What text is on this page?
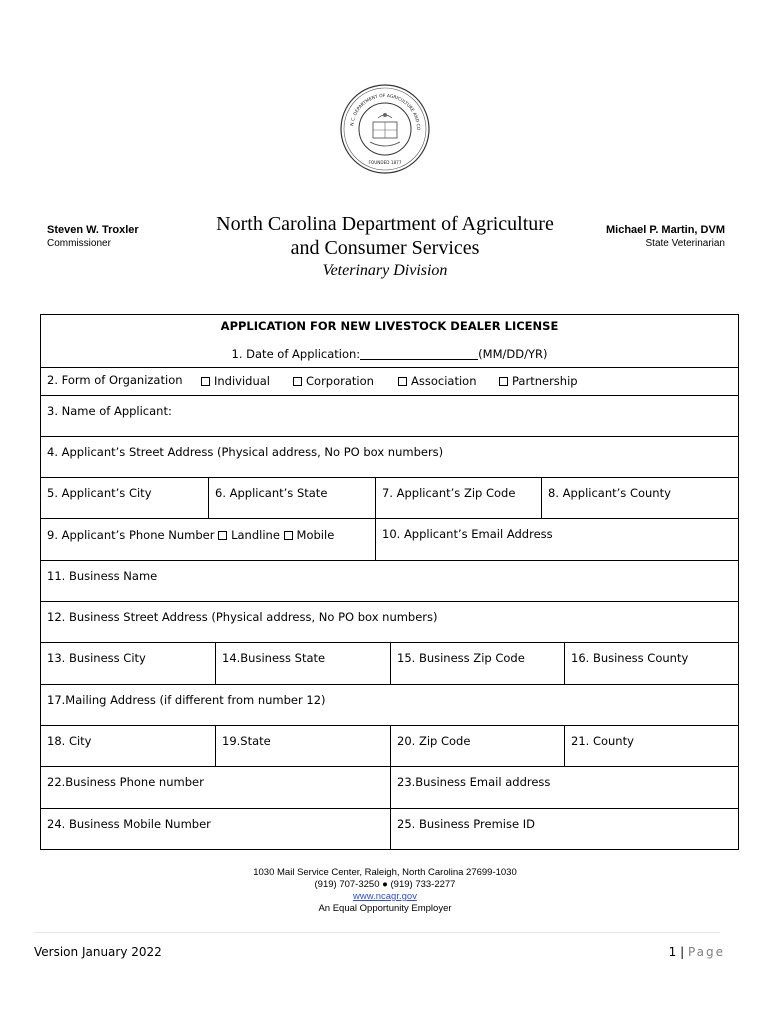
N.C. DEPARTMENT OF AGRICULTURE AND CO
FOUNDED 1877
Steven W. Troxler
Commissioner
North Carolina Department of Agriculture
and Consumer Services
Veterinary Division
Michael P. Martin, DVM
State Veterinarian
APPLICATION FOR NEW LIVESTOCK DEALER LICENSE
1. Date of Application:	(MM/DD/YR)
2. Form of Organization	Individual	Corporation	Association	Partnership
3. Name of Applicant:
4. Applicant’s Street Address (Physical address, No PO box numbers)
5. Applicant’s City	6. Applicant’s State	7. Applicant’s Zip Code	8. Applicant’s County
9. Applicant’s Phone Number Landline Mobile	10. Applicant’s Email Address
11. Business Name
12. Business Street Address (Physical address, No PO box numbers)
13. Business City	14.Business State	15. Business Zip Code	16. Business County
17.Mailing Address (if different from number 12)
18. City	19.State	20. Zip Code	21. County
22.Business Phone number	23.Business Email address
24. Business Mobile Number	25. Business Premise ID
1030 Mail Service Center, Raleigh, North Carolina 27699-1030
(919) 707-3250 ● (919) 733-2277
www.ncagr.gov
An Equal Opportunity Employer
Version January 2022	1 | Page
